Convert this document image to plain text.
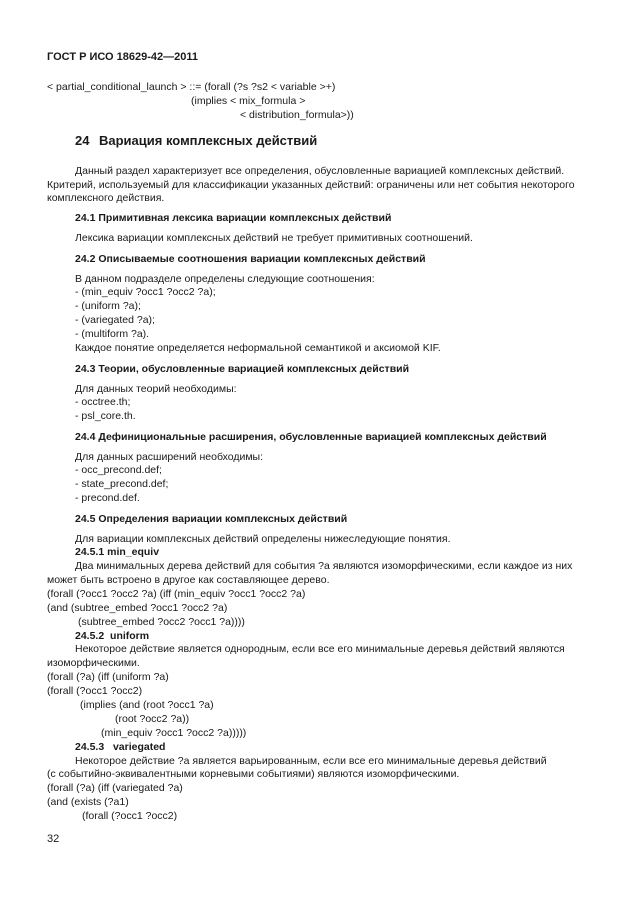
ГОСТ Р ИСО 18629-42—2011
< partial_conditional_launch > ::= (forall (?s ?s2 < variable >+)
(implies < mix_formula >
< distribution_formula>))
24 Вариация комплексных действий
Данный раздел характеризует все определения, обусловленные вариацией комплексных действий.
Критерий, используемый для классификации указанных действий: ограничены или нет события некоторого
комплексного действия.
24.1 Примитивная лексика вариации комплексных действий
Лексика вариации комплексных действий не требует примитивных соотношений.
24.2 Описываемые соотношения вариации комплексных действий
В данном подразделе определены следующие соотношения:
- (min_equiv ?occ1 ?occ2 ?a);
- (uniform ?a);
- (variegated ?a);
- (multiform ?a).
Каждое понятие определяется неформальной семантикой и аксиомой KIF.
24.3 Теории, обусловленные вариацией комплексных действий
Для данных теорий необходимы:
- occtree.th;
- psl_core.th.
24.4 Дефинициональные расширения, обусловленные вариацией комплексных действий
Для данных расширений необходимы:
- occ_precond.def;
- state_precond.def;
- precond.def.
24.5 Определения вариации комплексных действий
Для вариации комплексных действий определены нижеследующие понятия.
24.5.1 min_equiv
Два минимальных дерева действий для события ?a являются изоморфическими, если каждое из них
может быть встроено в другое как составляющее дерево.
(forall (?occ1 ?occ2 ?a) (iff (min_equiv ?occ1 ?occ2 ?a)
(and (subtree_embed ?occ1 ?occ2 ?a)
(subtree_embed ?occ2 ?occ1 ?a))))
24.5.2  uniform
Некоторое действие является однородным, если все его минимальные деревья действий являются
изоморфическими.
(forall (?a) (iff (uniform ?a)
(forall (?occ1 ?occ2)
(implies (and (root ?occ1 ?a)
(root ?occ2 ?a))
(min_equiv ?occ1 ?occ2 ?a)))))
24.5.3   variegated
Некоторое действие ?a является варьированным, если все его минимальные деревья действий
(с событийно-эквивалентными корневыми событиями) являются изоморфическими.
(forall (?a) (iff (variegated ?a)
(and (exists (?a1)
(forall (?occ1 ?occ2)
32
